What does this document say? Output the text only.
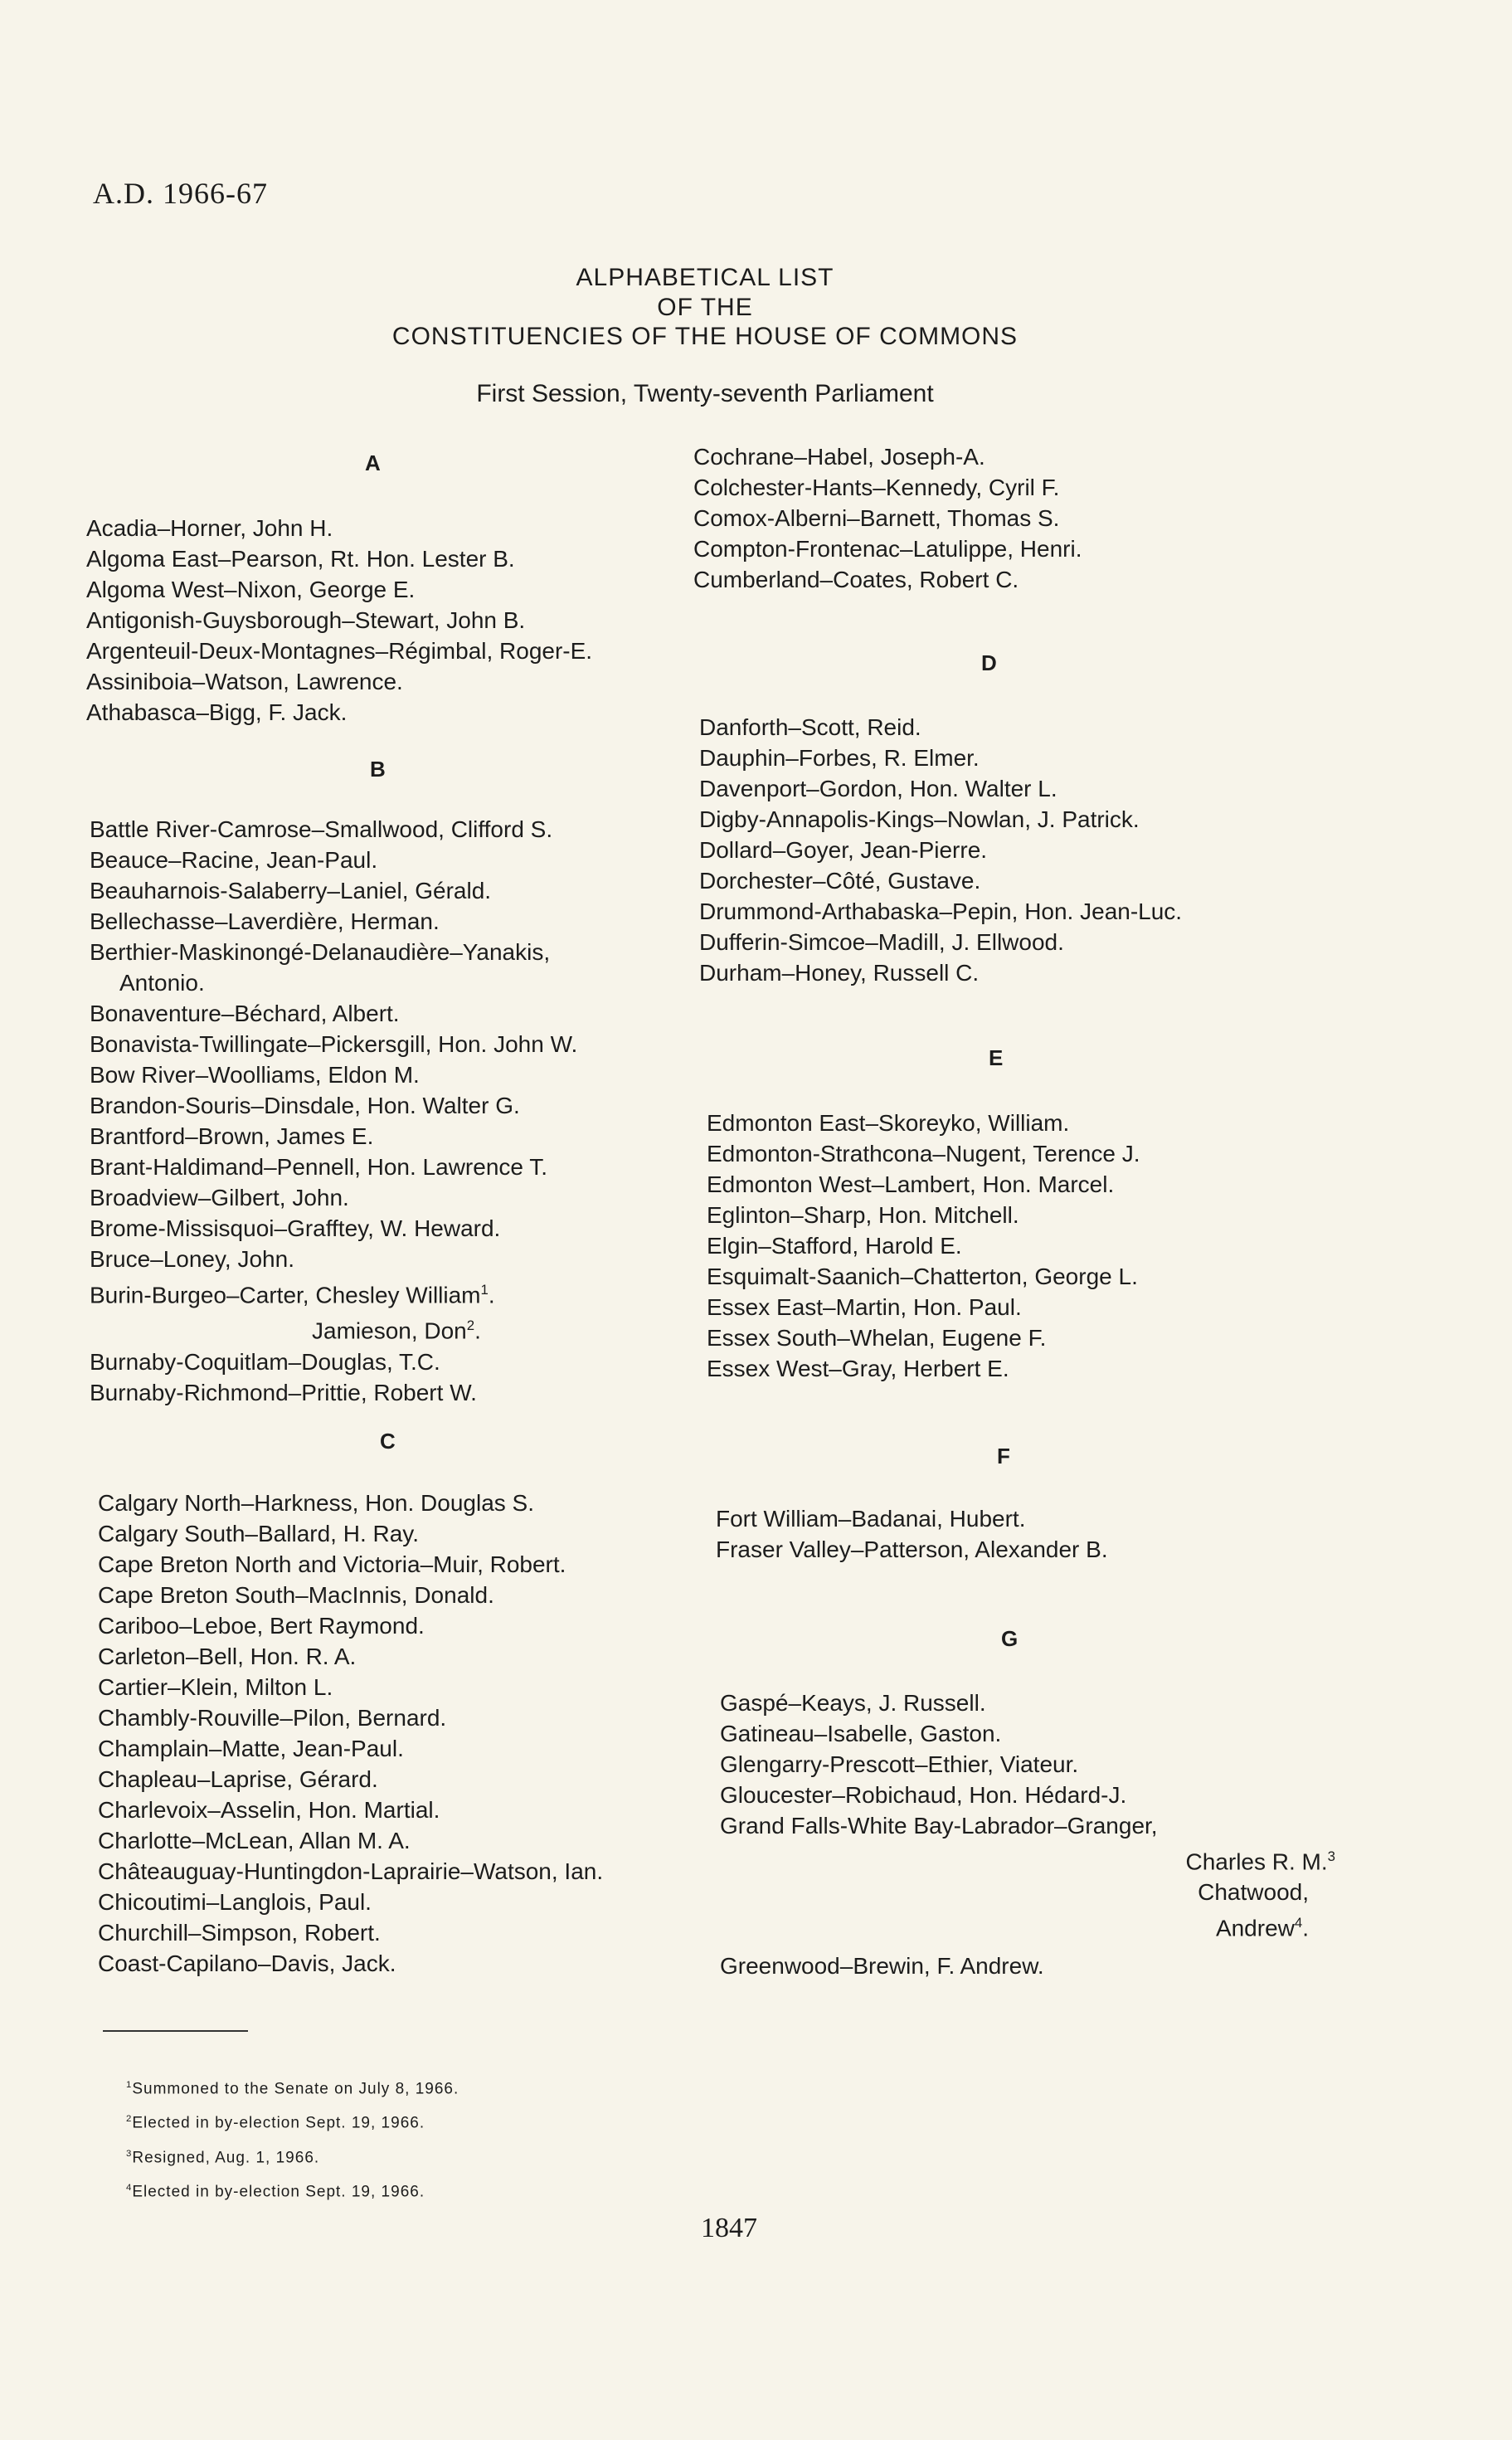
A.D. 1966-67
ALPHABETICAL LIST
OF THE
CONSTITUENCIES OF THE HOUSE OF COMMONS
First Session, Twenty-seventh Parliament
A
Acadia–Horner, John H.
Algoma East–Pearson, Rt. Hon. Lester B.
Algoma West–Nixon, George E.
Antigonish-Guysborough–Stewart, John B.
Argenteuil-Deux-Montagnes–Régimbal, Roger-E.
Assiniboia–Watson, Lawrence.
Athabasca–Bigg, F. Jack.
B
Battle River-Camrose–Smallwood, Clifford S.
Beauce–Racine, Jean-Paul.
Beauharnois-Salaberry–Laniel, Gérald.
Bellechasse–Laverdière, Herman.
Berthier-Maskinongé-Delanaudière–Yanakis,
Antonio.
Bonaventure–Béchard, Albert.
Bonavista-Twillingate–Pickersgill, Hon. John W.
Bow River–Woolliams, Eldon M.
Brandon-Souris–Dinsdale, Hon. Walter G.
Brantford–Brown, James E.
Brant-Haldimand–Pennell, Hon. Lawrence T.
Broadview–Gilbert, John.
Brome-Missisquoi–Grafftey, W. Heward.
Bruce–Loney, John.
Burin-Burgeo–Carter, Chesley William$^1$.
Jamieson, Don$^2$.
Burnaby-Coquitlam–Douglas, T.C.
Burnaby-Richmond–Prittie, Robert W.
C
Calgary North–Harkness, Hon. Douglas S.
Calgary South–Ballard, H. Ray.
Cape Breton North and Victoria–Muir, Robert.
Cape Breton South–MacInnis, Donald.
Cariboo–Leboe, Bert Raymond.
Carleton–Bell, Hon. R. A.
Cartier–Klein, Milton L.
Chambly-Rouville–Pilon, Bernard.
Champlain–Matte, Jean-Paul.
Chapleau–Laprise, Gérard.
Charlevoix–Asselin, Hon. Martial.
Charlotte–McLean, Allan M. A.
Châteauguay-Huntingdon-Laprairie–Watson, Ian.
Chicoutimi–Langlois, Paul.
Churchill–Simpson, Robert.
Coast-Capilano–Davis, Jack.
Cochrane–Habel, Joseph-A.
Colchester-Hants–Kennedy, Cyril F.
Comox-Alberni–Barnett, Thomas S.
Compton-Frontenac–Latulippe, Henri.
Cumberland–Coates, Robert C.
D
Danforth–Scott, Reid.
Dauphin–Forbes, R. Elmer.
Davenport–Gordon, Hon. Walter L.
Digby-Annapolis-Kings–Nowlan, J. Patrick.
Dollard–Goyer, Jean-Pierre.
Dorchester–Côté, Gustave.
Drummond-Arthabaska–Pepin, Hon. Jean-Luc.
Dufferin-Simcoe–Madill, J. Ellwood.
Durham–Honey, Russell C.
E
Edmonton East–Skoreyko, William.
Edmonton-Strathcona–Nugent, Terence J.
Edmonton West–Lambert, Hon. Marcel.
Eglinton–Sharp, Hon. Mitchell.
Elgin–Stafford, Harold E.
Esquimalt-Saanich–Chatterton, George L.
Essex East–Martin, Hon. Paul.
Essex South–Whelan, Eugene F.
Essex West–Gray, Herbert E.
F
Fort William–Badanai, Hubert.
Fraser Valley–Patterson, Alexander B.
G
Gaspé–Keays, J. Russell.
Gatineau–Isabelle, Gaston.
Glengarry-Prescott–Ethier, Viateur.
Gloucester–Robichaud, Hon. Hédard-J.
Grand Falls-White Bay-Labrador–Granger,
Charles R. M.$^3$
Chatwood,
Andrew$^4$.
Greenwood–Brewin, F. Andrew.
$^1$Summoned to the Senate on July 8, 1966.
$^2$Elected in by-election Sept. 19, 1966.
$^3$Resigned, Aug. 1, 1966.
$^4$Elected in by-election Sept. 19, 1966.
1847
